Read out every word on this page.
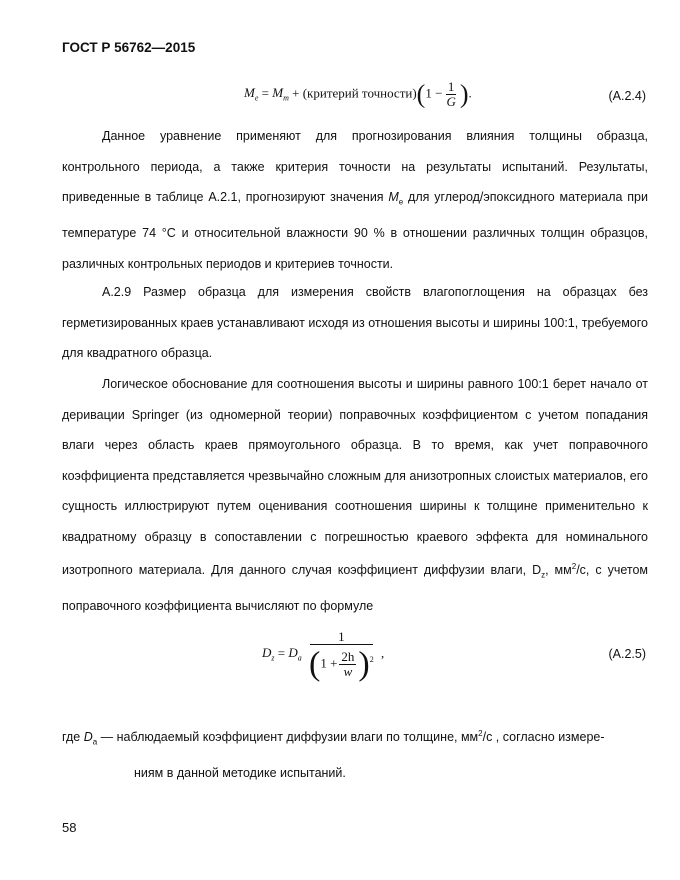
ГОСТ Р 56762—2015
$M_e = M_m$ + (критерий точности)(1 − $\frac{1}{G}$ ).	(А.2.4)

Данное уравнение применяют для прогнозирования влияния толщины образца, контрольного периода, а также критерия точности на результаты испытаний. Результаты, приведенные в таблице А.2.1, прогнозируют значения $M_e$ для углерод/эпоксидного материала при температуре 74 °С и относительной влажности 90 % в отношении различных толщин образцов, различных контрольных периодов и критериев точности.

А.2.9 Размер образца для измерения свойств влагопоглощения на образцах без герметизированных краев устанавливают исходя из отношения высоты и ширины 100:1, требуемого для квадратного образца.

Логическое обоснование для соотношения высоты и ширины равного 100:1 берет начало от деривации Springer (из одномерной теории) поправочных коэффициентом с учетом попадания влаги через область краев прямоугольного образца. В то время, как учет поправочного коэффициента представляется чрезвычайно сложным для анизотропных слоистых материалов, его сущность иллюстрируют путем оценивания соотношения ширины к толщине применительно к квадратному образцу в сопоставлении с погрешностью краевого эффекта для номинального изотропного материала. Для данного случая коэффициент диффузии влаги, $D_z$, $мм^2/с$, с учетом поправочного коэффициента вычисляют по формуле

$D_z = D_a \frac{1}{(1 + \frac{2h}{w} )^2}$ ,	(А.2.5)
где $D_a$ — наблюдаемый коэффициент диффузии влаги по толщине, $мм^2/с$ , согласно измере-
ниям в данной методике испытаний.
58
